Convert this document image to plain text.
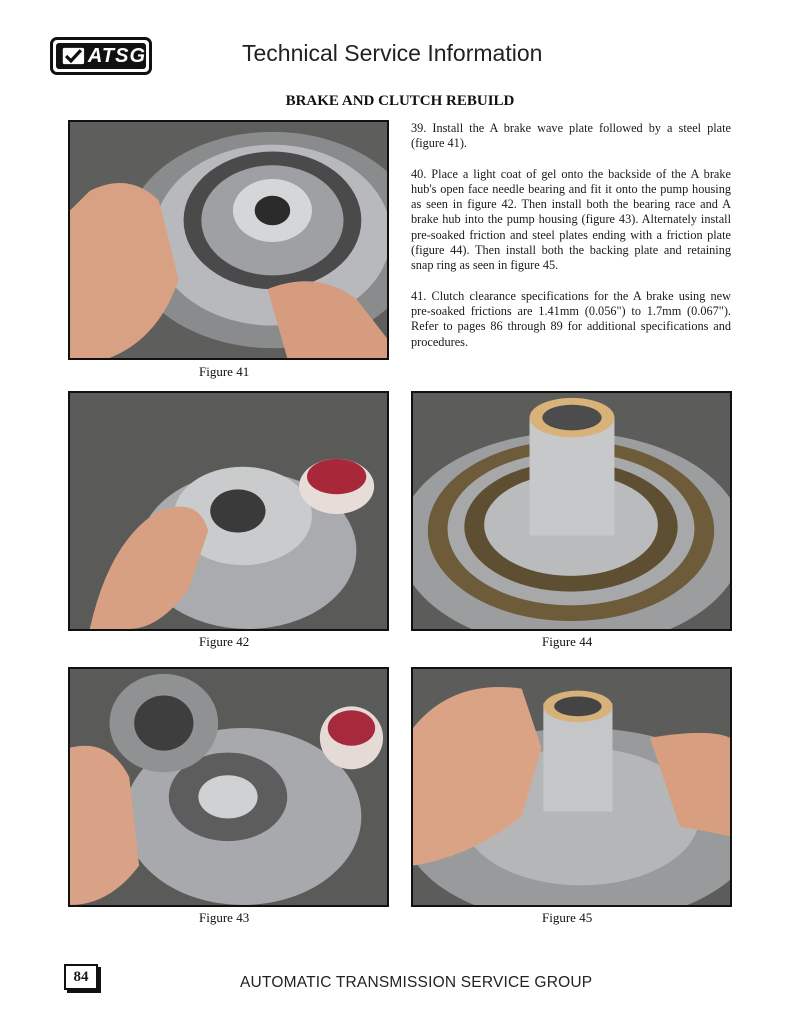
ATSG	Technical Service Information
BRAKE AND CLUTCH REBUILD
Figure 41

39. Install the A brake wave plate followed by a steel plate (figure 41).

40. Place a light coat of gel onto the backside of the A brake hub's open face needle bearing and fit it onto the pump housing as seen in figure 42. Then install both the bearing race and A brake hub into the pump housing (figure 43). Alternately install pre-soaked friction and steel plates ending with a friction plate (figure 44). Then install both the backing plate and retaining snap ring as seen in figure 45.

41. Clutch clearance specifications for the A brake using new pre-soaked frictions are 1.41mm (0.056") to 1.7mm (0.067"). Refer to pages 86 through 89 for additional specifications and procedures.

Figure 42	Figure 44
Figure 43	Figure 45
84	AUTOMATIC TRANSMISSION SERVICE GROUP
